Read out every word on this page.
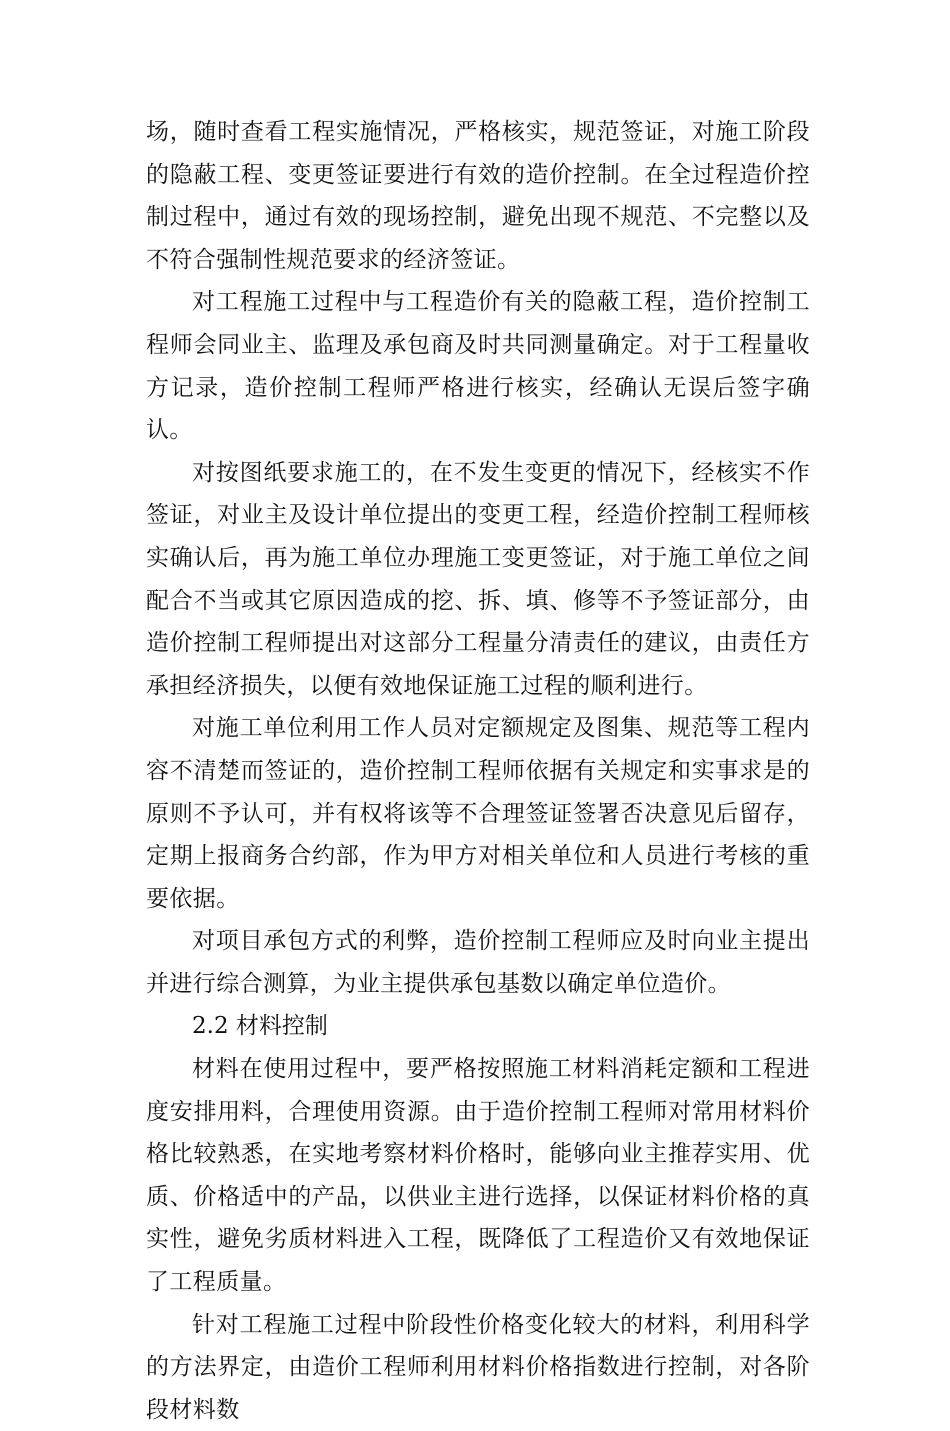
场，随时查看工程实施情况，严格核实，规范签证，对施工阶段的隐蔽工程、变更签证要进行有效的造价控制。在全过程造价控制过程中，通过有效的现场控制，避免出现不规范、不完整以及不符合强制性规范要求的经济签证。

对工程施工过程中与工程造价有关的隐蔽工程，造价控制工程师会同业主、监理及承包商及时共同测量确定。对于工程量收方记录，造价控制工程师严格进行核实，经确认无误后签字确认。

对按图纸要求施工的，在不发生变更的情况下，经核实不作签证，对业主及设计单位提出的变更工程，经造价控制工程师核实确认后，再为施工单位办理施工变更签证，对于施工单位之间配合不当或其它原因造成的挖、拆、填、修等不予签证部分，由造价控制工程师提出对这部分工程量分清责任的建议，由责任方承担经济损失，以便有效地保证施工过程的顺利进行。

对施工单位利用工作人员对定额规定及图集、规范等工程内容不清楚而签证的，造价控制工程师依据有关规定和实事求是的原则不予认可，并有权将该等不合理签证签署否决意见后留存，定期上报商务合约部，作为甲方对相关单位和人员进行考核的重要依据。

对项目承包方式的利弊，造价控制工程师应及时向业主提出并进行综合测算，为业主提供承包基数以确定单位造价。

2.2 材料控制

材料在使用过程中，要严格按照施工材料消耗定额和工程进度安排用料，合理使用资源。由于造价控制工程师对常用材料价格比较熟悉，在实地考察材料价格时，能够向业主推荐实用、优质、价格适中的产品，以供业主进行选择，以保证材料价格的真实性，避免劣质材料进入工程，既降低了工程造价又有效地保证了工程质量。

针对工程施工过程中阶段性价格变化较大的材料，利用科学的方法界定，由造价工程师利用材料价格指数进行控制，对各阶段材料数
